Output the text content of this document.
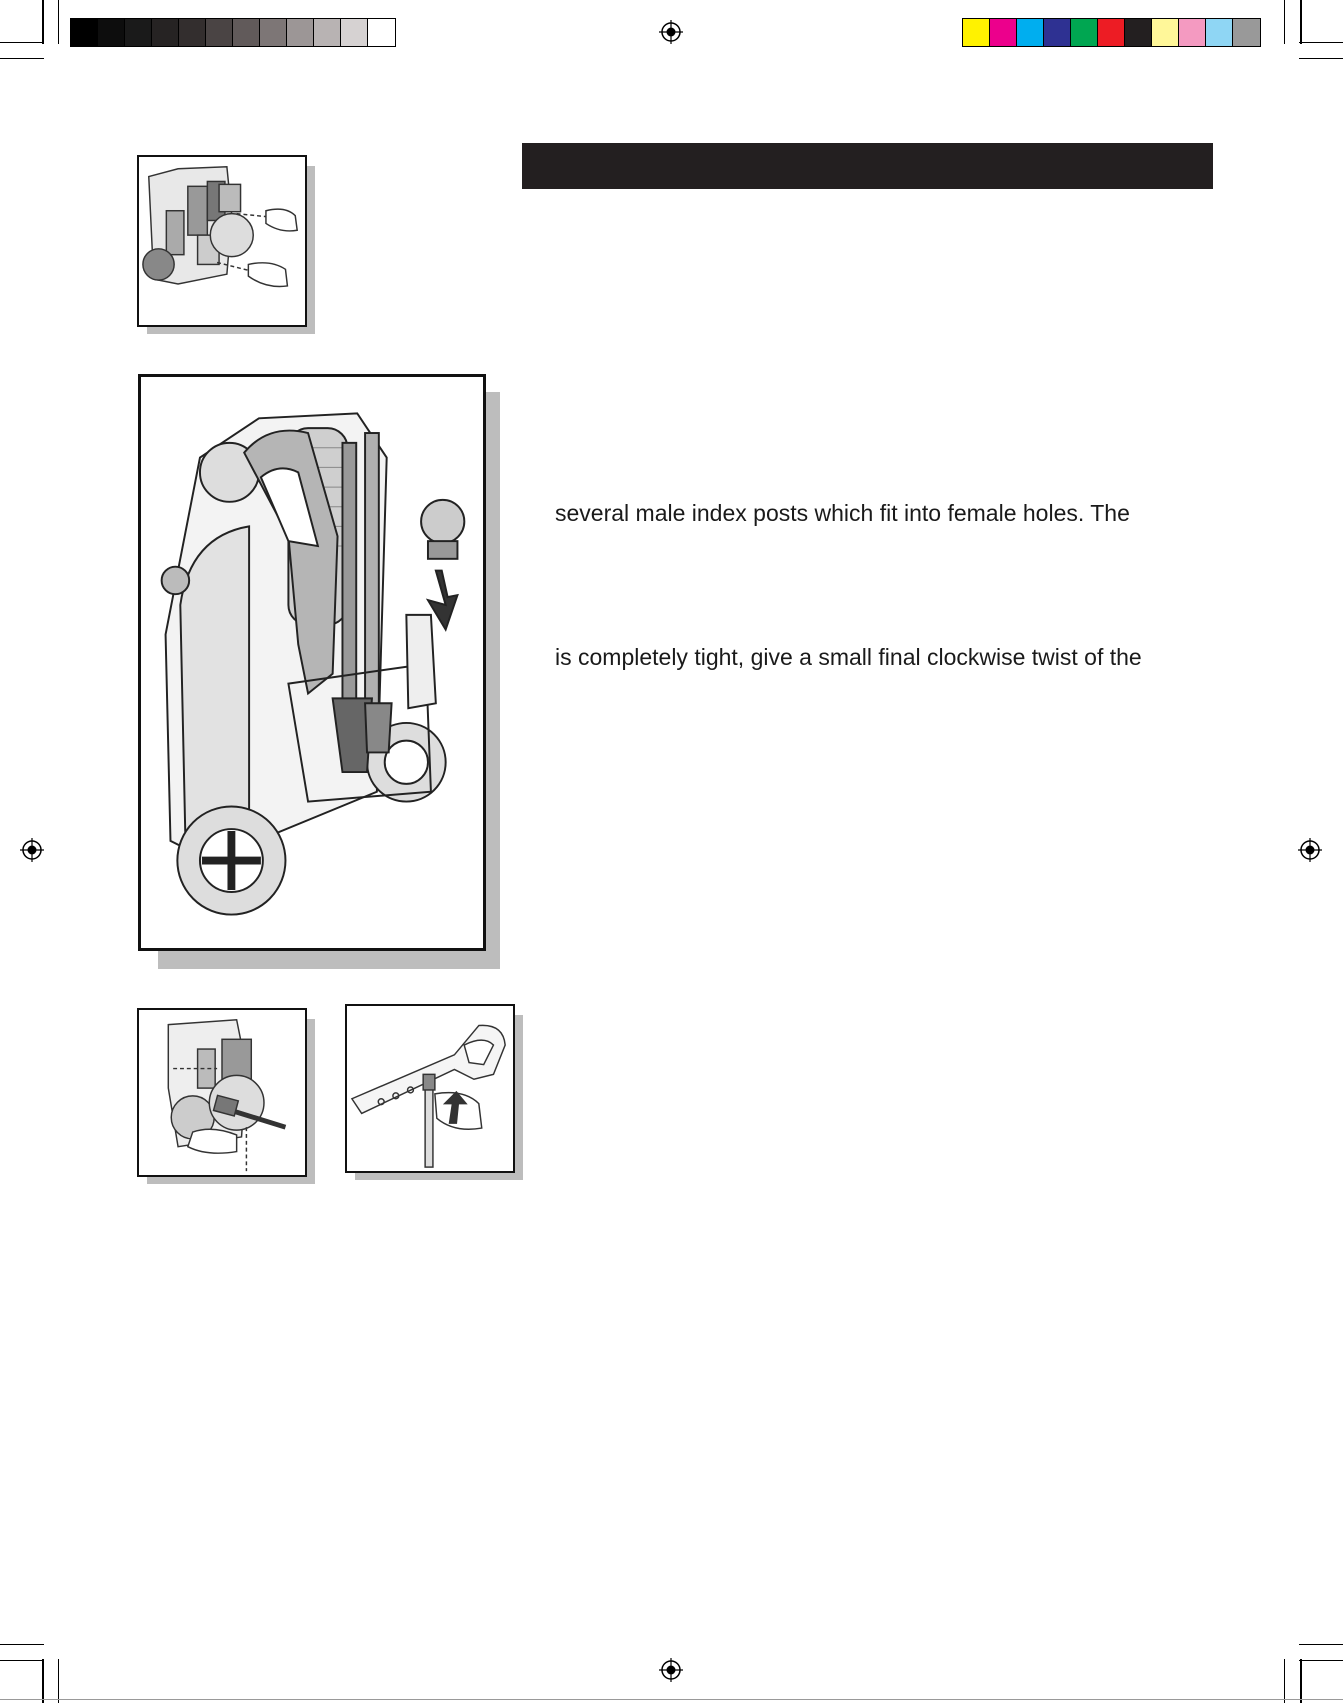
several male index posts which fit into female holes. The
is completely tight, give a small final clockwise twist of the
